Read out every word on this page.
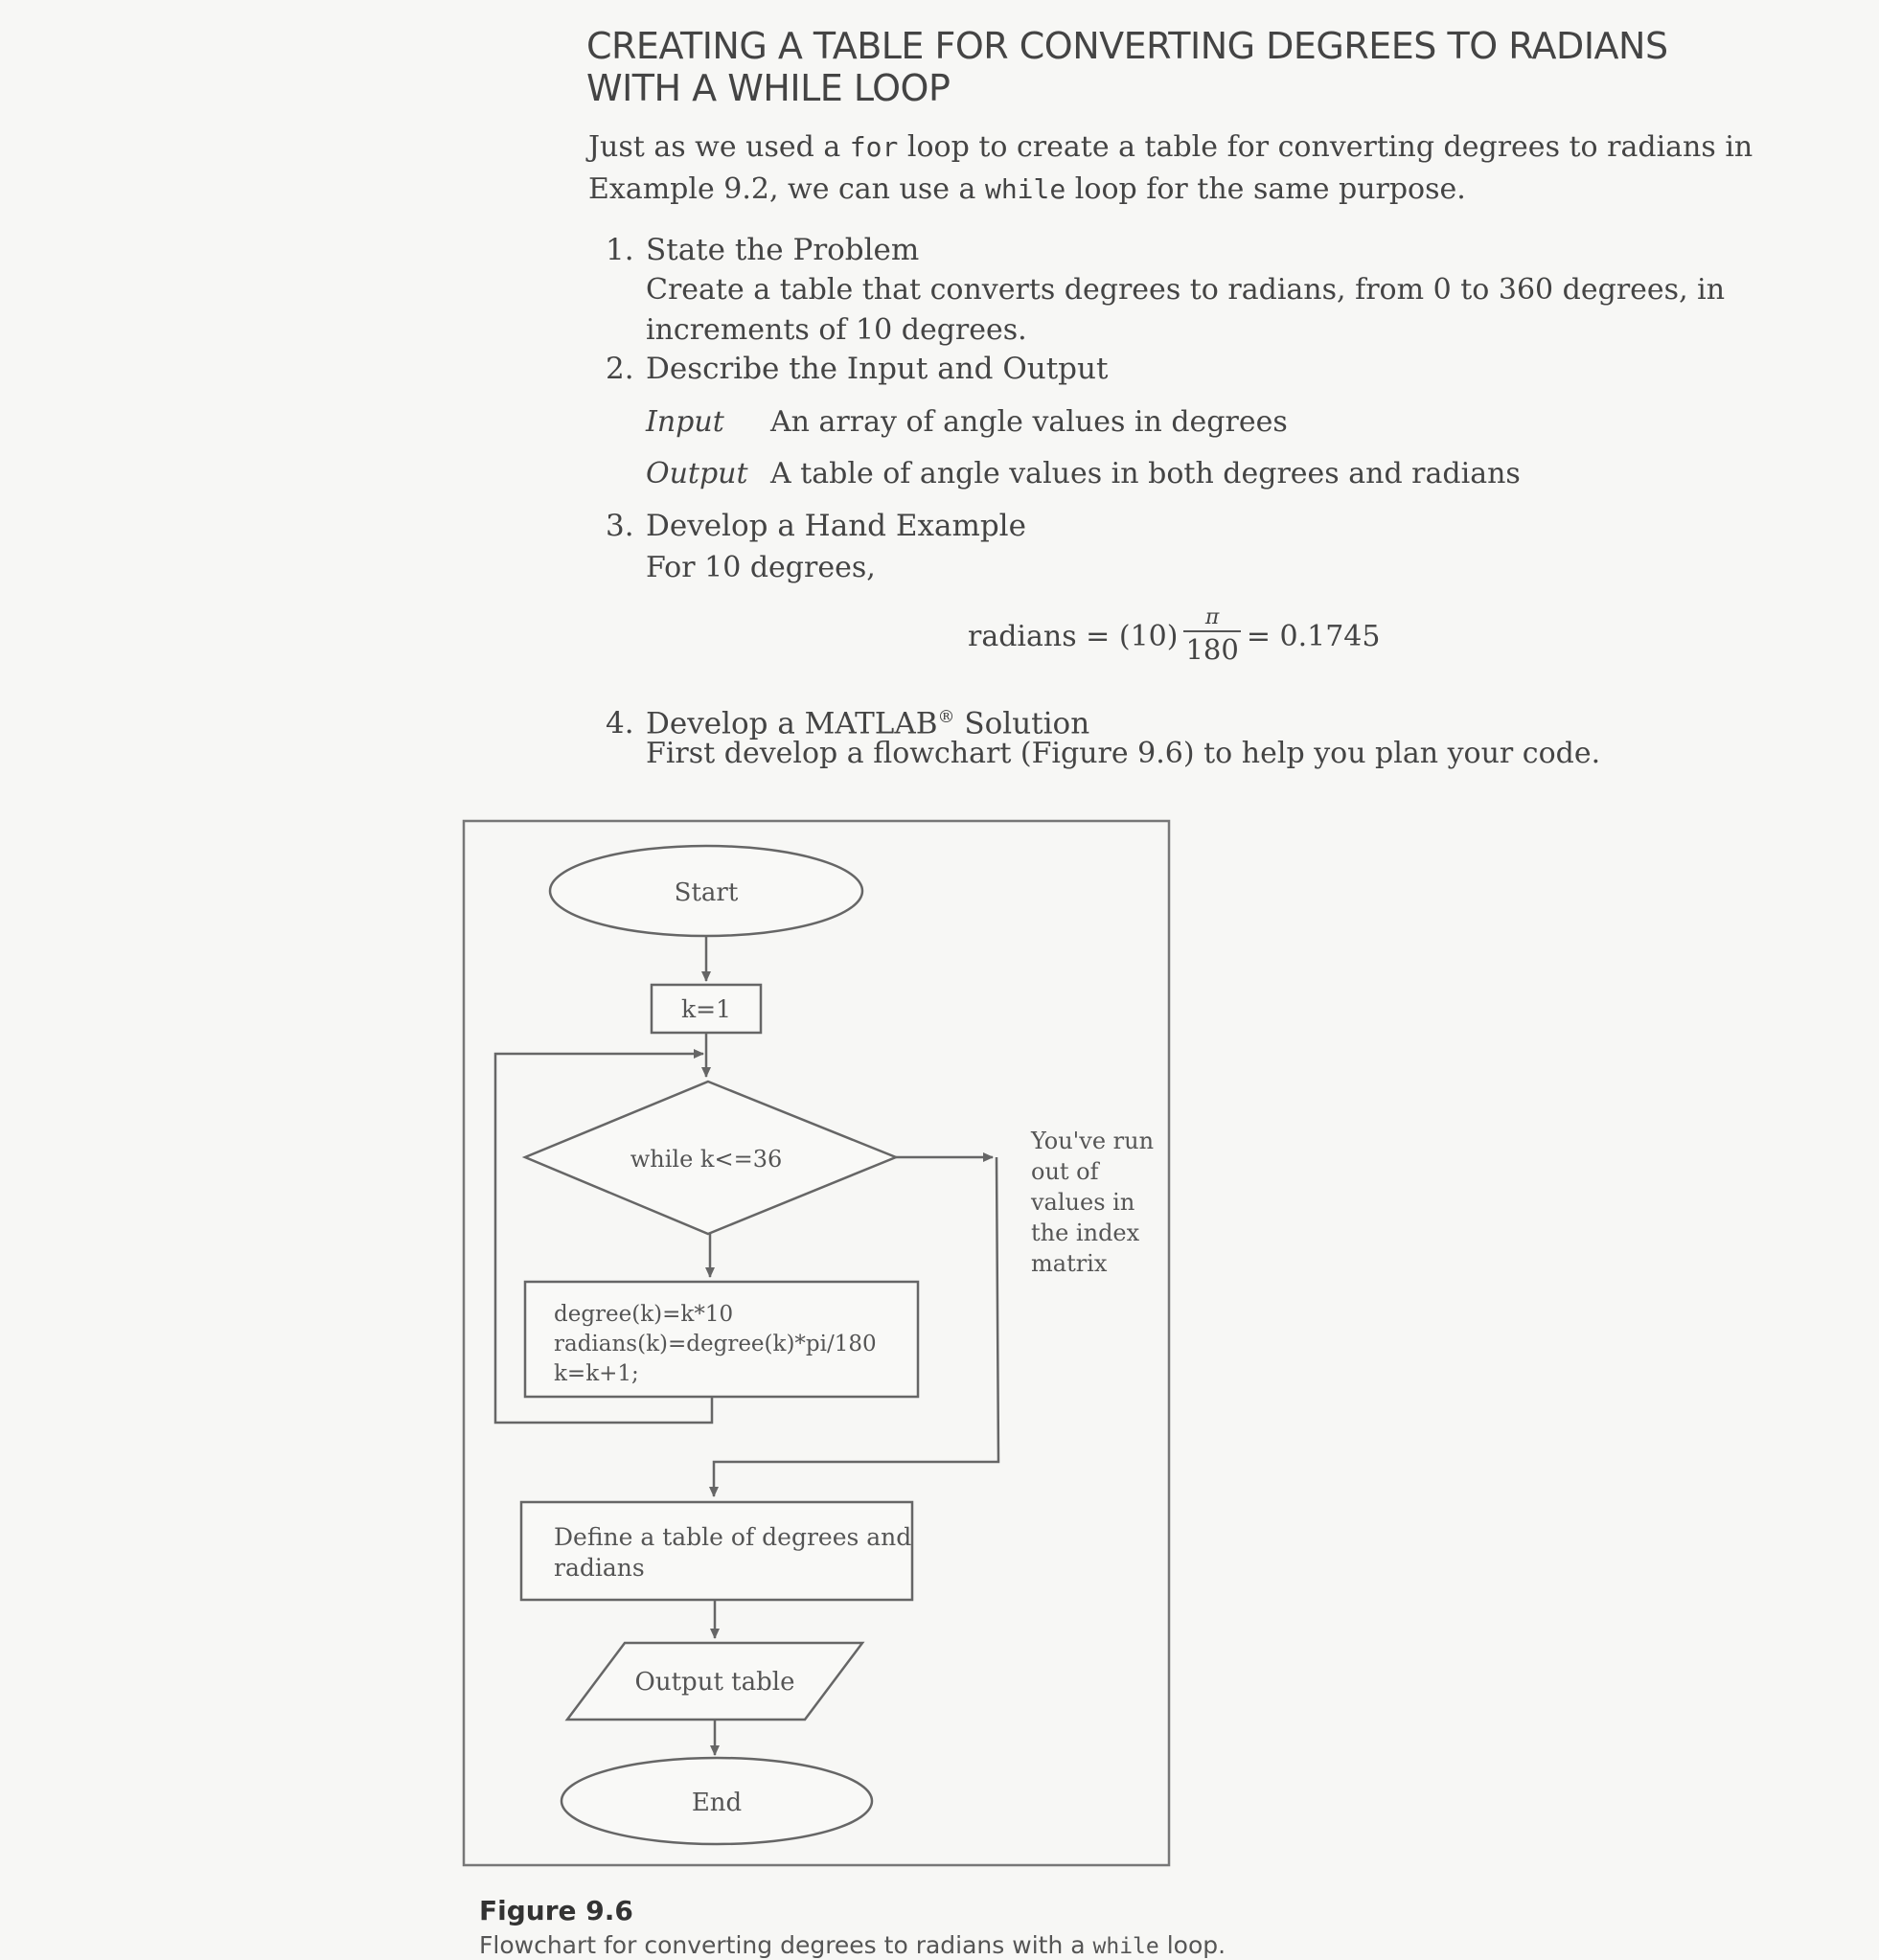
CREATING A TABLE FOR CONVERTING DEGREES TO RADIANS
WITH A WHILE LOOP
Just as we used a for loop to create a table for converting degrees to radians in Example 9.2, we can use a while loop for the same purpose.
1. State the Problem
Create a table that converts degrees to radians, from 0 to 360 degrees, in increments of 10 degrees.
2. Describe the Input and Output
Input An array of angle values in degrees
Output A table of angle values in both degrees and radians
3. Develop a Hand Example
For 10 degrees,
radians =
$(10) \frac{\pi}{180} = 0.1745$
4. Develop a MATLAB® Solution
First develop a flowchart (Figure 9.6) to help you plan your code.
Start
k=1
while k<=36
degree(k)=k*10
radians(k)=degree(k)*pi/180
k=k+1;
You've run
out of
values in
the index
matrix
Define a table of degrees and
radians
Output table
End
Figure 9.6
Flowchart for converting degrees to radians with a while loop.
